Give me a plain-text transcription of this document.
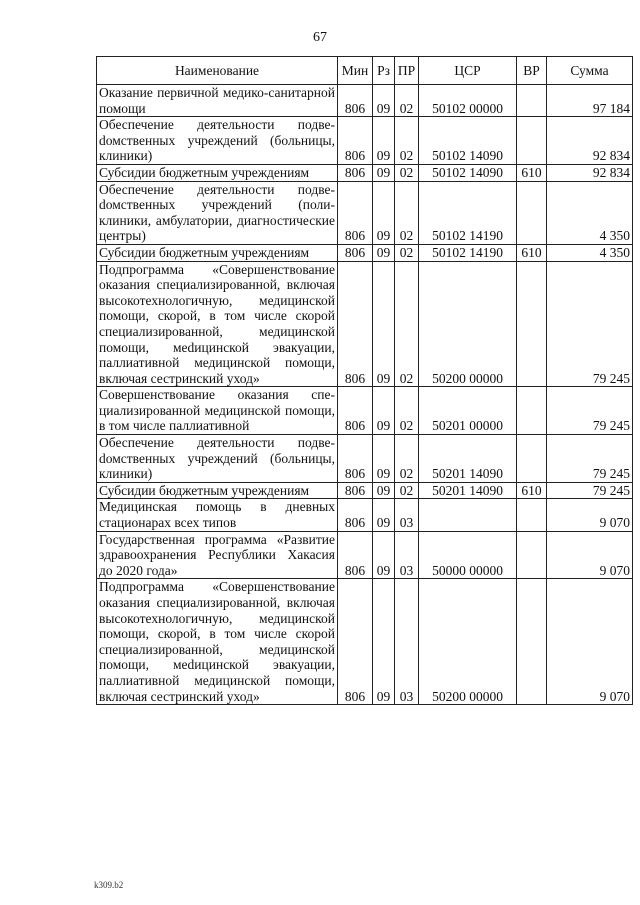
67
Наименование	Мин	Рз	ПР	ЦСР	ВР	Сумма
Оказание первичной медико-санитарной помощи	806	09	02	50102 00000		97 184
Обеспечение деятельности подвеdомственных учреждений (больницы, клиники)	806	09	02	50102 14090		92 834
Субсидии бюджетным учреждениям	806	09	02	50102 14090	610	92 834
Обеспечение деятельности подвеdомственных учреждений (поликлиники, амбулатории, диагностические центры)	806	09	02	50102 14190		4 350
Субсидии бюджетным учреждениям	806	09	02	50102 14190	610	4 350
Подпрограмма «Совершенствование оказания специализированной, включая высокотехнологичную, медицинской помощи, скорой, в том числе скорой специализированной, медицинской помощи, меdицинской эвакуации, паллиативной медицинской помощи, включая сестринский уход»	806	09	02	50200 00000		79 245
Совершенствование оказания специализированной медицинской помощи, в том числе паллиативной	806	09	02	50201 00000		79 245
Обеспечение деятельности подвеdомственных учреждений (больницы, клиники)	806	09	02	50201 14090		79 245
Субсидии бюджетным учреждениям	806	09	02	50201 14090	610	79 245
Медицинская помощь в дневных стационарах всех типов	806	09	03			9 070
Государственная программа «Развитие здравоохранения Республики Хакасия до 2020 года»	806	09	03	50000 00000		9 070
Подпрограмма «Совершенствование оказания специализированной, включая высокотехнологичную, медицинской помощи, скорой, в том числе скорой специализированной, медицинской помощи, меdицинской эвакуации, паллиативной медицинской помощи, включая сестринский уход»	806	09	03	50200 00000		9 070
k309.b2
